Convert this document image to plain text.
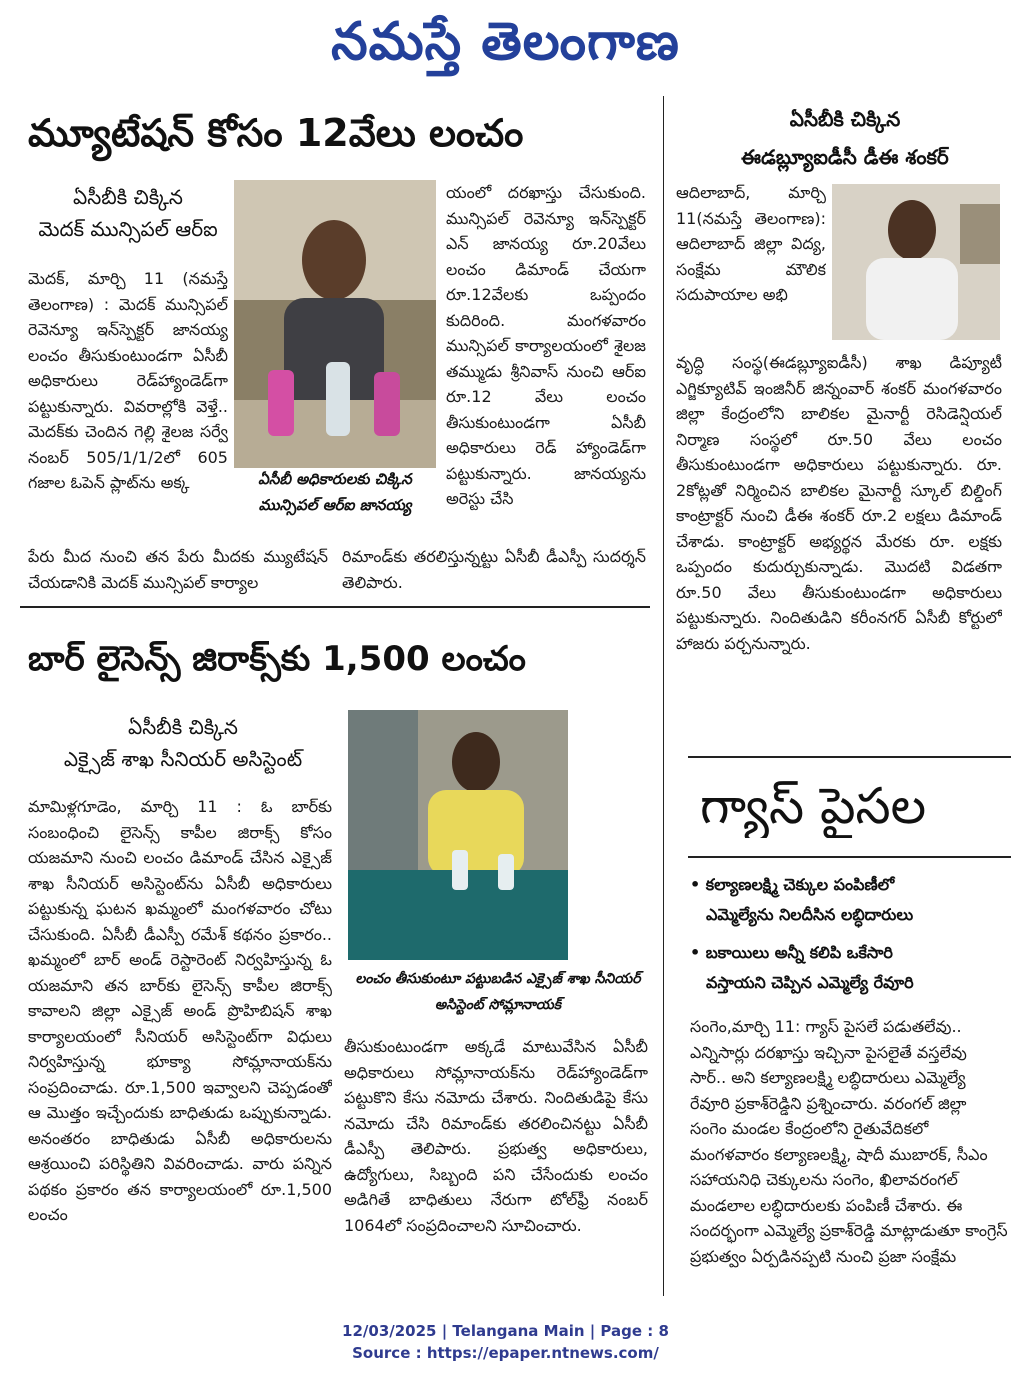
నమస్తే తెలంగాణ
మ్యూటేషన్ కోసం 12వేలు లంచం
ఏసీబీకి చిక్కిన
మెదక్ మున్సిపల్ ఆర్ఐ

మెదక్, మార్చి 11 (నమస్తే తెలంగాణ) : మెదక్ మున్సిపల్ రెవెన్యూ ఇన్‌స్పెక్టర్ జానయ్య లంచం తీసుకుంటుండగా ఏసీబీ అధికారులు రెడ్‌హ్యాండెడ్‌గా పట్టుకున్నారు. వివరాల్లోకి వెళ్తే.. మెదక్‌కు చెందిన గెల్లి శైలజ సర్వే నంబర్ 505/1/1/2లో 605 గజాల ఓపెన్ ప్లాట్‌ను అక్క	ఏసీబీ అధికారులకు చిక్కిన మున్సిపల్ ఆర్ఐ జానయ్య

యంలో దరఖాస్తు చేసుకుంది. మున్సిపల్ రెవెన్యూ ఇన్‌స్పెక్టర్ ఎన్ జానయ్య రూ.20వేలు లంచం డిమాండ్ చేయగా రూ.12వేలకు ఒప్పందం కుదిరింది. మంగళవారం మున్సిపల్ కార్యాలయంలో శైలజ తమ్ముడు శ్రీనివాస్ నుంచి ఆర్ఐ రూ.12 వేలు లంచం తీసుకుంటుండగా ఏసీబీ అధికారులు రెడ్ హ్యాండెడ్‌గా పట్టుకున్నారు. జానయ్యను అరెస్టు చేసి

పేరు మీద నుంచి తన పేరు మీదకు మ్యుటేషన్ చేయడానికి మెదక్ మున్సిపల్ కార్యాల

రిమాండ్‌కు తరలిస్తున్నట్టు ఏసీబీ డీఎస్పీ సుదర్శన్ తెలిపారు.

ఏసీబీకి చిక్కిన
ఈడబ్ల్యూఐడీసీ డీఈ శంకర్

ఆదిలాబాద్, మార్చి 11(నమస్తే తెలంగాణ): ఆదిలాబాద్ జిల్లా విద్య, సంక్షేమ మౌలిక సదుపాయాల అభి

వృద్ధి సంస్థ(ఈడబ్ల్యూఐడీసీ) శాఖ డిప్యూటీ ఎగ్జిక్యూటివ్ ఇంజినీర్ జిన్నంవార్ శంకర్ మంగళవారం జిల్లా కేంద్రంలోని బాలికల మైనార్టీ రెసిడెన్షియల్ నిర్మాణ సంస్థలో రూ.50 వేలు లంచం తీసుకుంటుండగా అధికారులు పట్టుకున్నారు. రూ. 2కోట్లతో నిర్మించిన బాలికల మైనార్టీ స్కూల్ బిల్డింగ్ కాంట్రాక్టర్ నుంచి డీఈ శంకర్ రూ.2 లక్షలు డిమాండ్ చేశాడు. కాంట్రాక్టర్ అభ్యర్థన మేరకు రూ. లక్షకు ఒప్పందం కుదుర్చుకున్నాడు. మొదటి విడతగా రూ.50 వేలు తీసుకుంటుండగా అధికారులు పట్టుకున్నారు. నిందితుడిని కరీంనగర్ ఏసీబీ కోర్టులో హాజరు పర్చనున్నారు.

బార్ లైసెన్స్ జిరాక్స్‌కు 1,500 లంచం
ఏసీబీకి చిక్కిన
ఎక్సైజ్ శాఖ సీనియర్ అసిస్టెంట్

మామిళ్లగూడెం, మార్చి 11 : ఓ బార్‌కు సంబంధించి లైసెన్స్ కాపీల జిరాక్స్ కోసం యజమాని నుంచి లంచం డిమాండ్ చేసిన ఎక్సైజ్ శాఖ సీనియర్ అసిస్టెంట్‌ను ఏసీబీ అధికారులు పట్టుకున్న ఘటన ఖమ్మంలో మంగళవారం చోటు చేసుకుంది. ఏసీబీ డీఎస్పీ రమేశ్ కథనం ప్రకారం.. ఖమ్మంలో బార్ అండ్ రెస్టారెంట్ నిర్వహిస్తున్న ఓ యజమాని తన బార్‌కు లైసెన్స్ కాపీల జిరాక్స్ కావాలని జిల్లా ఎక్సైజ్ అండ్ ప్రొహిబిషన్ శాఖ కార్యాలయంలో సీనియర్ అసిస్టెంట్‌గా విధులు నిర్వహిస్తున్న భూక్యా సోమ్లానాయక్‌ను సంప్రదించాడు. రూ.1,500 ఇవ్వాలని చెప్పడంతో ఆ మొత్తం ఇచ్చేందుకు బాధితుడు ఒప్పుకున్నాడు. అనంతరం బాధితుడు ఏసీబీ అధికారులను ఆశ్రయించి పరిస్థితిని వివరించాడు. వారు పన్నిన పథకం ప్రకారం తన కార్యాలయంలో రూ.1,500 లంచం

లంచం తీసుకుంటూ పట్టుబడిన ఎక్సైజ్ శాఖ సీనియర్ అసిస్టెంట్ సోమ్లానాయక్

తీసుకుంటుండగా అక్కడే మాటువేసిన ఏసీబీ అధికారులు సోమ్లానాయక్‌ను రెడ్‌హ్యాండెడ్‌గా పట్టుకొని కేసు నమోదు చేశారు. నిందితుడిపై కేసు నమోదు చేసి రిమాండ్‌కు తరలించినట్టు ఏసీబీ డీఎస్పీ తెలిపారు. ప్రభుత్వ అధికారులు, ఉద్యోగులు, సిబ్బంది పని చేసేందుకు లంచం అడిగితే బాధితులు నేరుగా టోల్‌ఫ్రీ నంబర్ 1064లో సంప్రదించాలని సూచించారు.

గ్యాస్ పైసల
• కల్యాణలక్ష్మి చెక్కుల పంపిణీలో
ఎమ్మెల్యేను నిలదీసిన లబ్ధిదారులు
• బకాయిలు అన్నీ కలిపి ఒకేసారి
వస్తాయని చెప్పిన ఎమ్మెల్యే రేవూరి

సంగెం,మార్చి 11: గ్యాస్ పైసలే పడుతలేవు.. ఎన్నిసార్లు దరఖాస్తు ఇచ్చినా పైసలైతే వస్తలేవు సార్.. అని కల్యాణలక్ష్మి లబ్ధిదారులు ఎమ్మెల్యే రేవూరి ప్రకాశ్‌రెడ్డిని ప్రశ్నించారు. వరంగల్ జిల్లా సంగెం మండల కేంద్రంలోని రైతువేదికలో మంగళవారం కల్యాణలక్ష్మి, షాదీ ముబారక్, సీఎం సహాయనిధి చెక్కులను సంగెం, ఖిలావరంగల్ మండలాల లబ్ధిదారులకు పంపిణీ చేశారు. ఈ సందర్భంగా ఎమ్మెల్యే ప్రకాశ్‌రెడ్డి మాట్లాడుతూ కాంగ్రెస్ ప్రభుత్వం ఏర్పడినప్పటి నుంచి ప్రజా సంక్షేమ

12/03/2025 | Telangana Main | Page : 8
Source : https://epaper.ntnews.com/
